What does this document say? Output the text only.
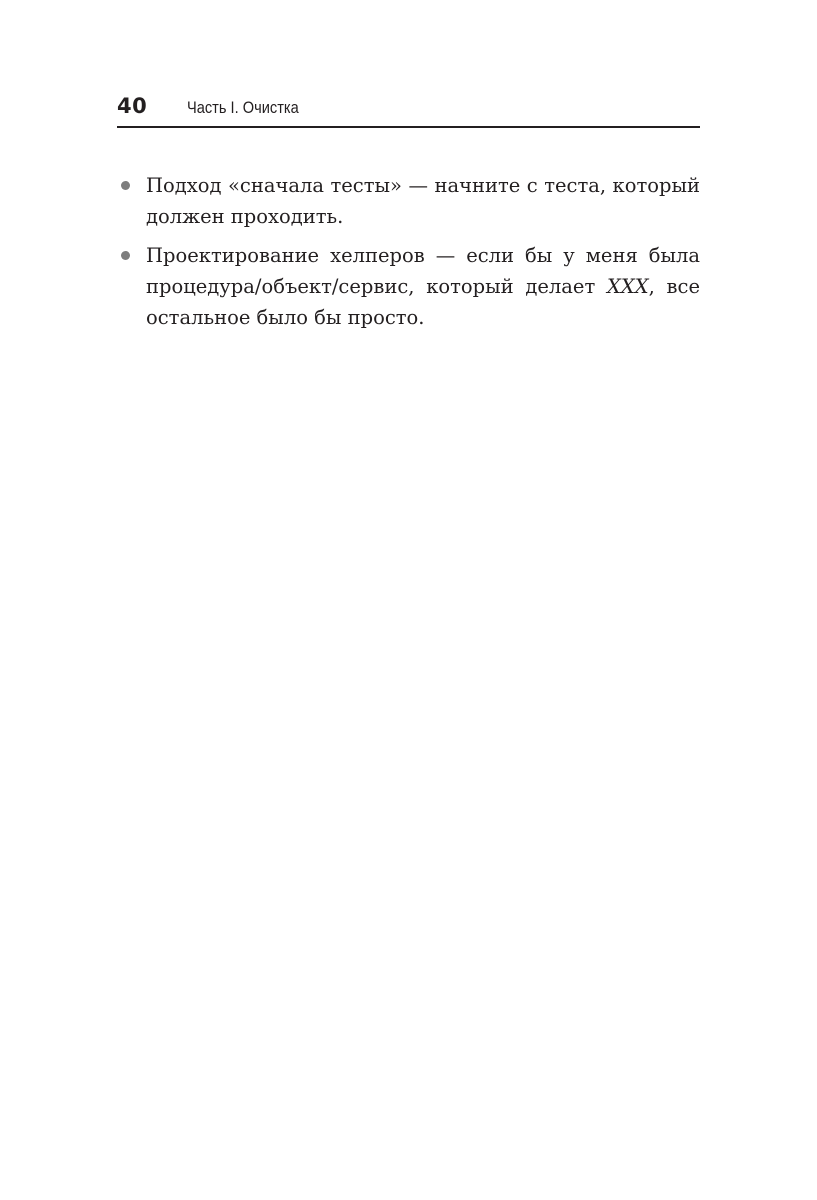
40 Часть I. Очистка
Подход «сначала тесты» — начните с теста, который должен проходить.
Проектирование хелперов — если бы у меня была процедура/объект/сервис, который делает XXX, все остальное было бы просто.
